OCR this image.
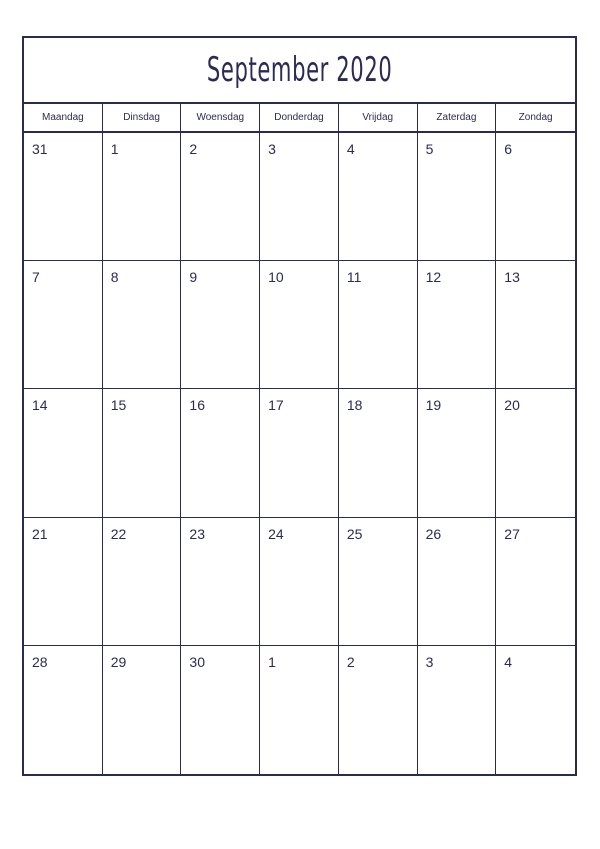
September 2020
Maandag	Dinsdag	Woensdag	Donderdag	Vrijdag	Zaterdag	Zondag
31	1	2	3	4	5	6
7	8	9	10	11	12	13
14	15	16	17	18	19	20
21	22	23	24	25	26	27
28	29	30	1	2	3	4
